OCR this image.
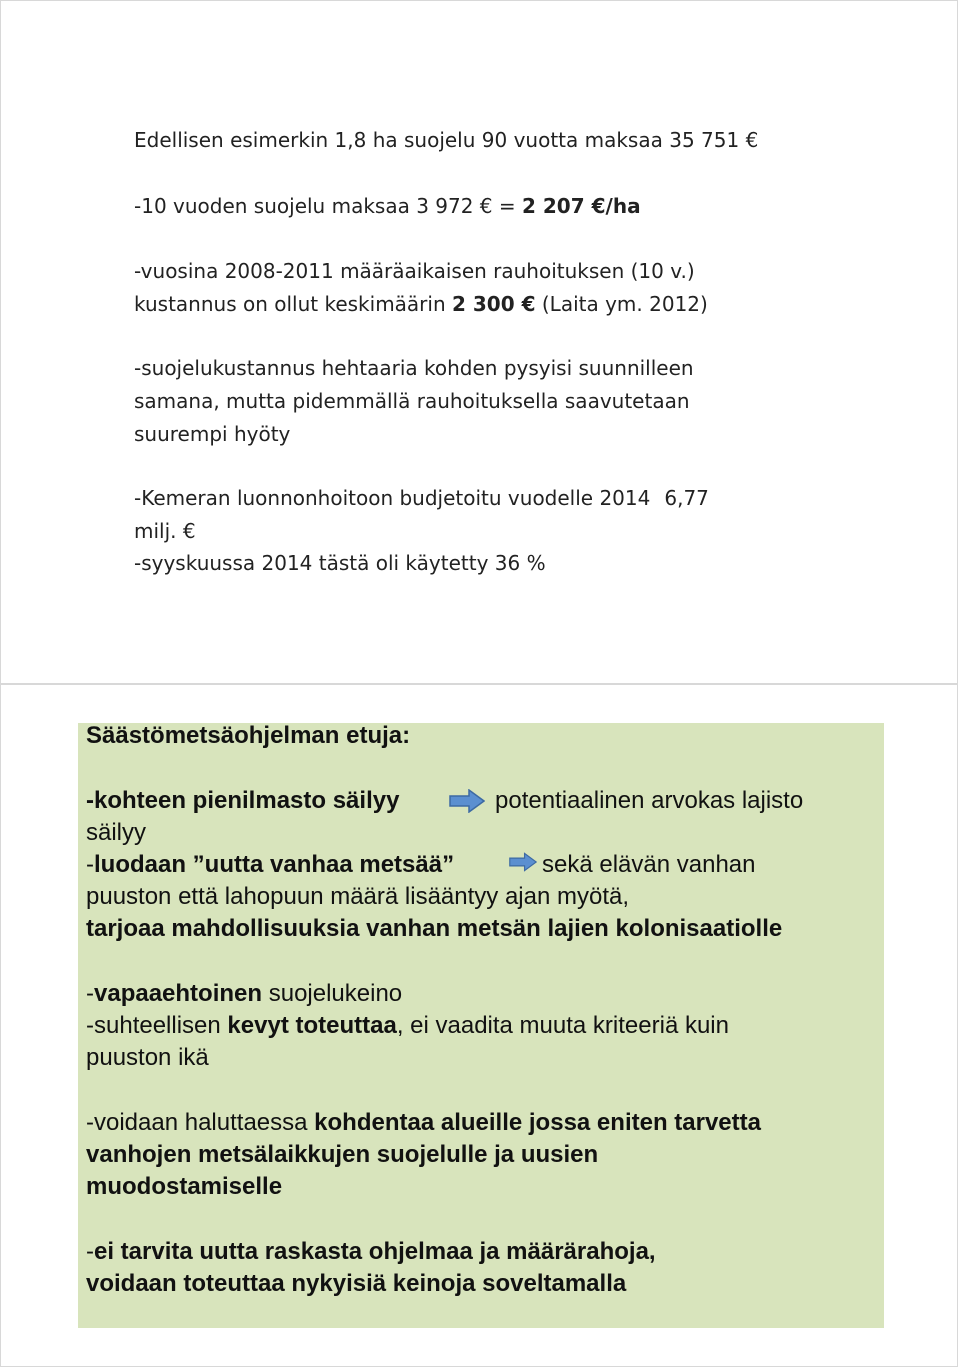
Edellisen esimerkin 1,8 ha suojelu 90 vuotta maksaa 35 751 €
-10 vuoden suojelu maksaa 3 972 € = 2 207 €/ha
-vuosina 2008-2011 määräaikaisen rauhoituksen (10 v.)
kustannus on ollut keskimäärin 2 300 € (Laita ym. 2012)
-suojelukustannus hehtaaria kohden pysyisi suunnilleen
samana, mutta pidemmällä rauhoituksella saavutetaan
suurempi hyöty
-Kemeran luonnonhoitoon budjetoitu vuodelle 2014 6,77
milj. €
-syyskuussa 2014 tästä oli käytetty 36 %
Säästömetsäohjelman etuja:
-kohteen pienilmasto säilyy	potentiaalinen arvokas lajisto
säilyy
-luodaan ”uutta vanhaa metsää”	sekä elävän vanhan
puuston että lahopuun määrä lisääntyy ajan myötä,
tarjoaa mahdollisuuksia vanhan metsän lajien kolonisaatiolle
-vapaaehtoinen suojelukeino
-suhteellisen kevyt toteuttaa, ei vaadita muuta kriteeriä kuin
puuston ikä
-voidaan haluttaessa kohdentaa alueille jossa eniten tarvetta
vanhojen metsälaikkujen suojelulle ja uusien
muodostamiselle
-ei tarvita uutta raskasta ohjelmaa ja määrärahoja,
voidaan toteuttaa nykyisiä keinoja soveltamalla
